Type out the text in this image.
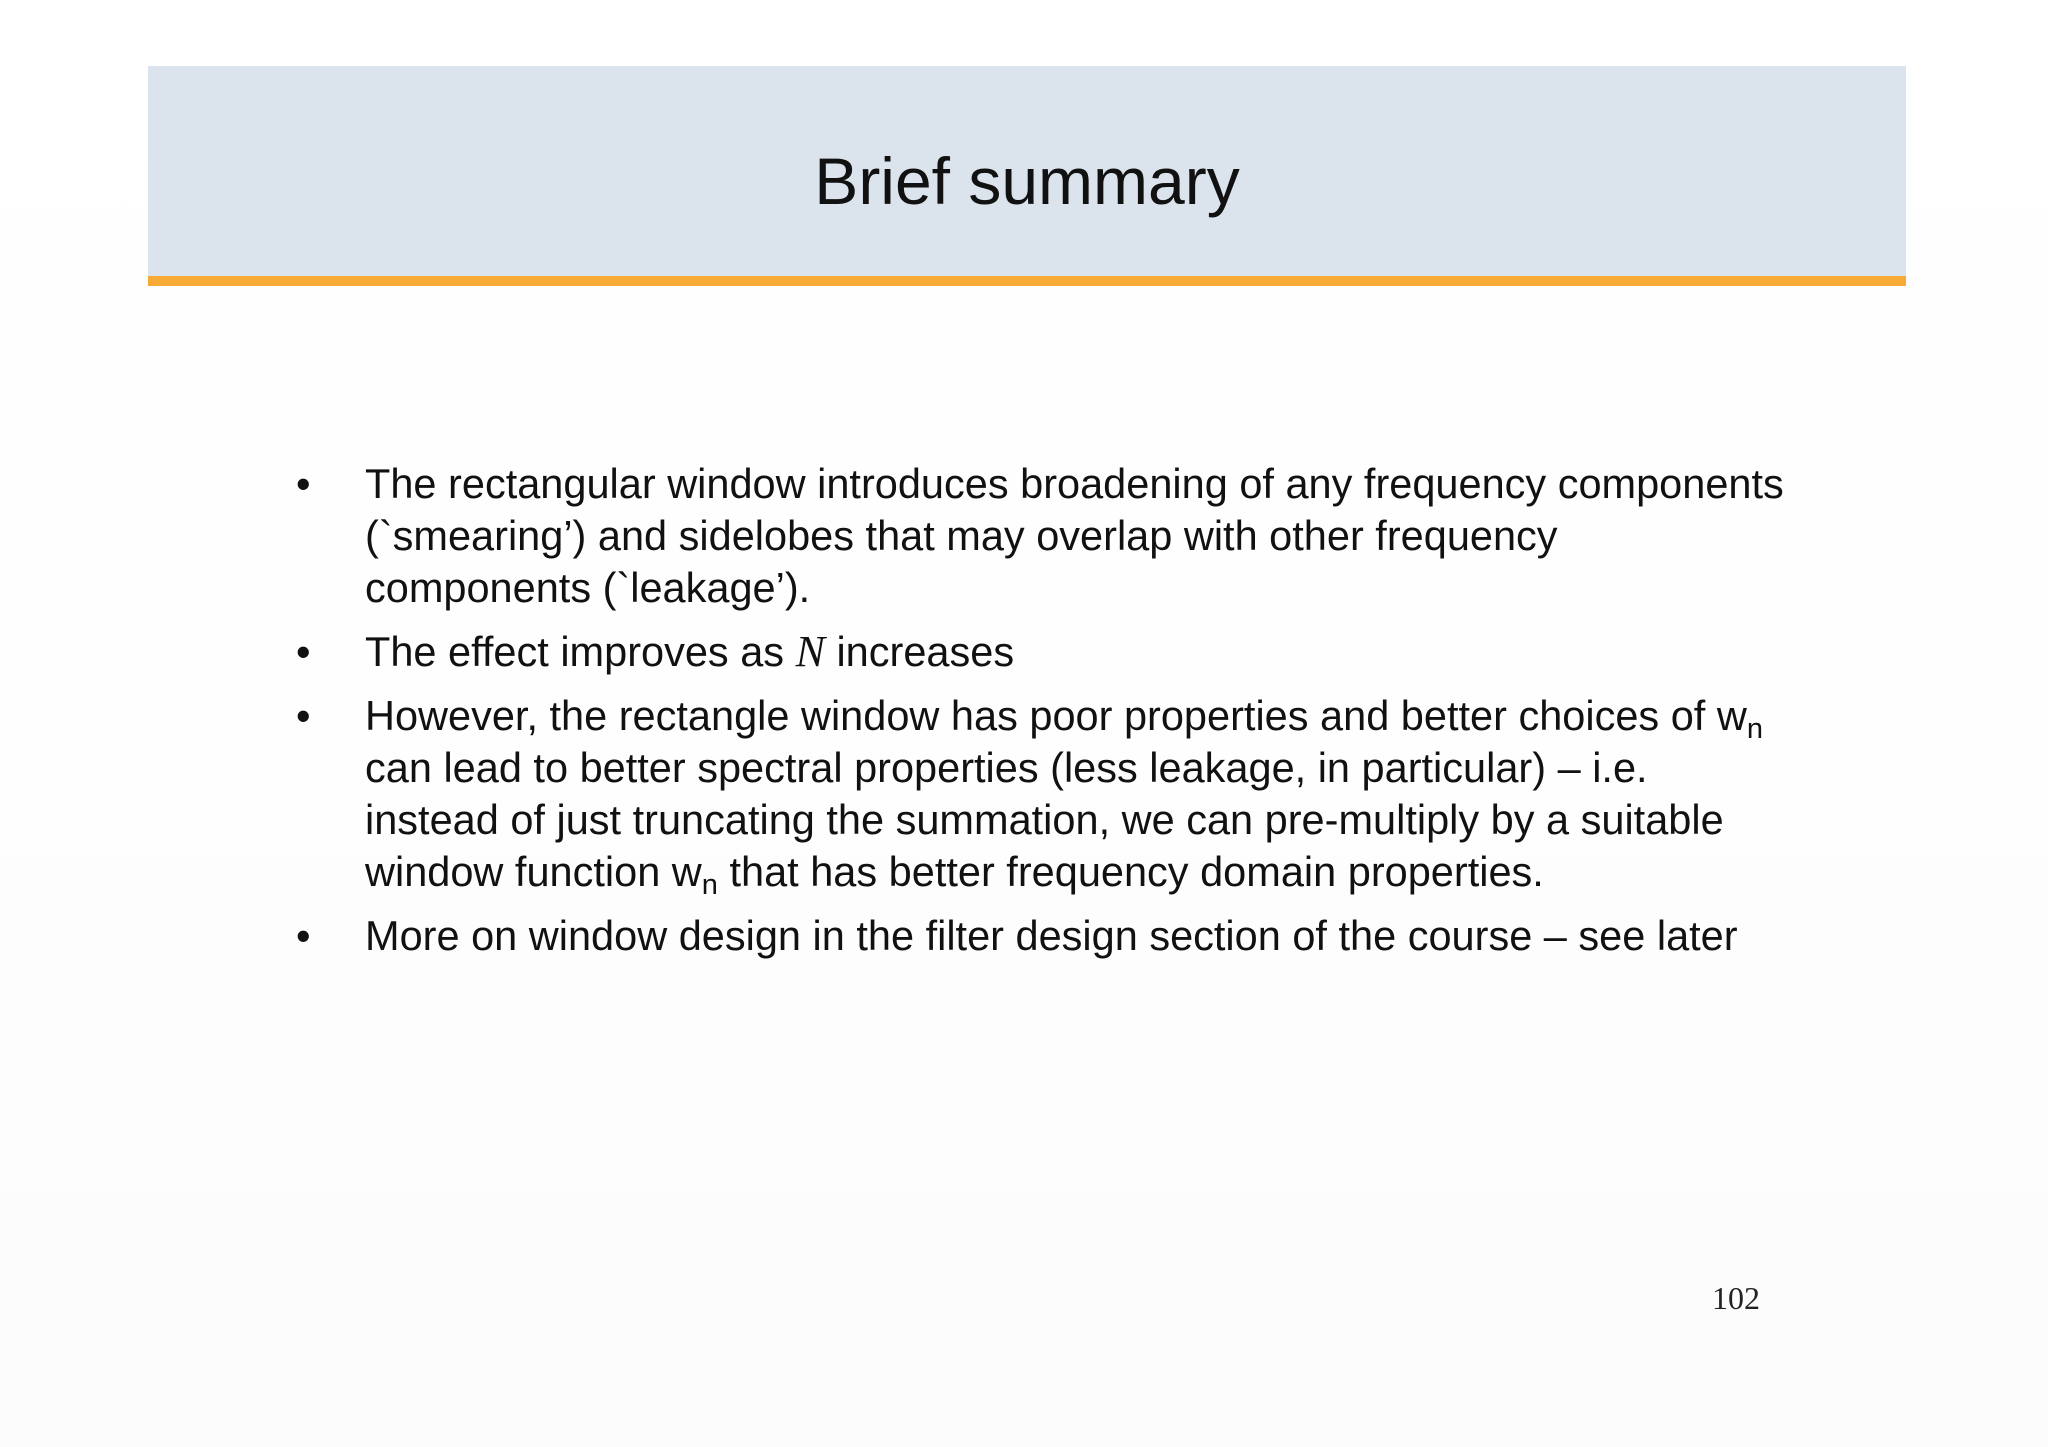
Brief summary
• The rectangular window introduces broadening of any frequency components (`smearing’) and sidelobes that may overlap with other frequency components (`leakage’).
• The effect improves as N increases
• However, the rectangle window has poor properties and better choices of $w_n$ can lead to better spectral properties (less leakage, in particular) – i.e. instead of just truncating the summation, we can pre-multiply by a suitable window function $w_n$ that has better frequency domain properties.
• More on window design in the filter design section of the course – see later
102
